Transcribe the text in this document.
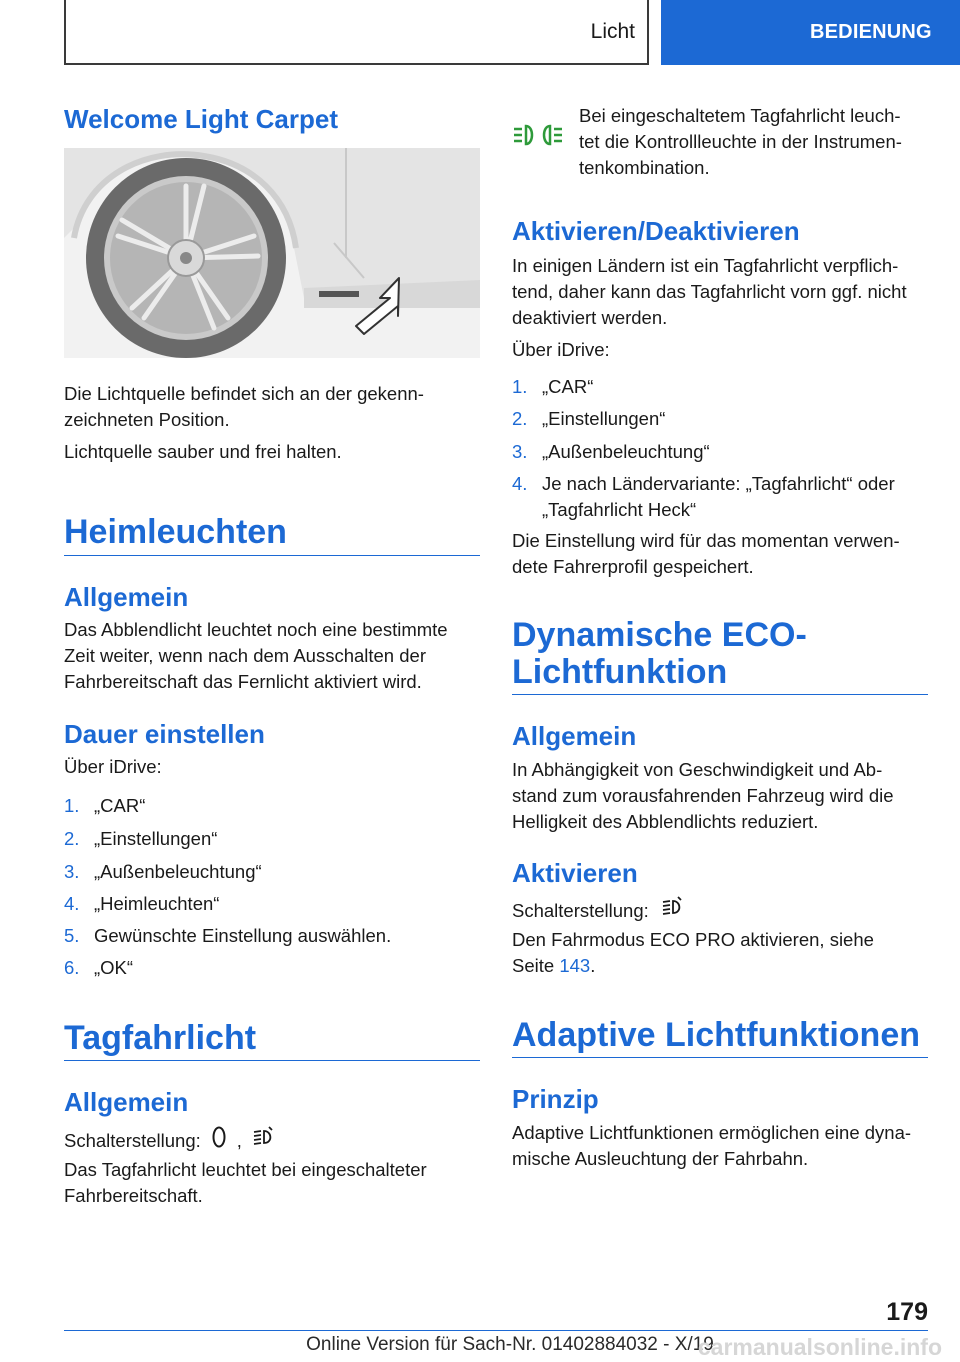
Licht	BEDIENUNG
Welcome Light Carpet
Die Lichtquelle befindet sich an der gekenn-
zeichneten Position.
Lichtquelle sauber und frei halten.
Heimleuchten
Allgemein
Das Abblendlicht leuchtet noch eine bestimmte Zeit weiter, wenn nach dem Ausschalten der Fahrbereitschaft das Fernlicht aktiviert wird.
Dauer einstellen
Über iDrive:
1. „CAR“
2. „Einstellungen“
3. „Außenbeleuchtung“
4. „Heimleuchten“
5. Gewünschte Einstellung auswählen.
6. „OK“
Tagfahrlicht
Allgemein
Schalterstellung: ,
Das Tagfahrlicht leuchtet bei eingeschalteter Fahrbereitschaft.
Bei eingeschaltetem Tagfahrlicht leuch-
tet die Kontrollleuchte in der Instrumen-
tenkombination.
Aktivieren/Deaktivieren
In einigen Ländern ist ein Tagfahrlicht verpflich-
tend, daher kann das Tagfahrlicht vorn ggf. nicht
deaktiviert werden.
Über iDrive:
1. „CAR“
2. „Einstellungen“
3. „Außenbeleuchtung“
4. Je nach Ländervariante: „Tagfahrlicht“ oder
„Tagfahrlicht Heck“
Die Einstellung wird für das momentan verwen-
dete Fahrerprofil gespeichert.
Dynamische ECO-
Lichtfunktion
Allgemein
In Abhängigkeit von Geschwindigkeit und Ab-
stand zum vorausfahrenden Fahrzeug wird die
Helligkeit des Abblendlichts reduziert.
Aktivieren
Schalterstellung:
Den Fahrmodus ECO PRO aktivieren, siehe
Seite 143.
Adaptive Lichtfunktionen
Prinzip
Adaptive Lichtfunktionen ermöglichen eine dyna-
mische Ausleuchtung der Fahrbahn.
179
Online Version für Sach-Nr. 01402884032 - X/19
carmanualsonline.info
